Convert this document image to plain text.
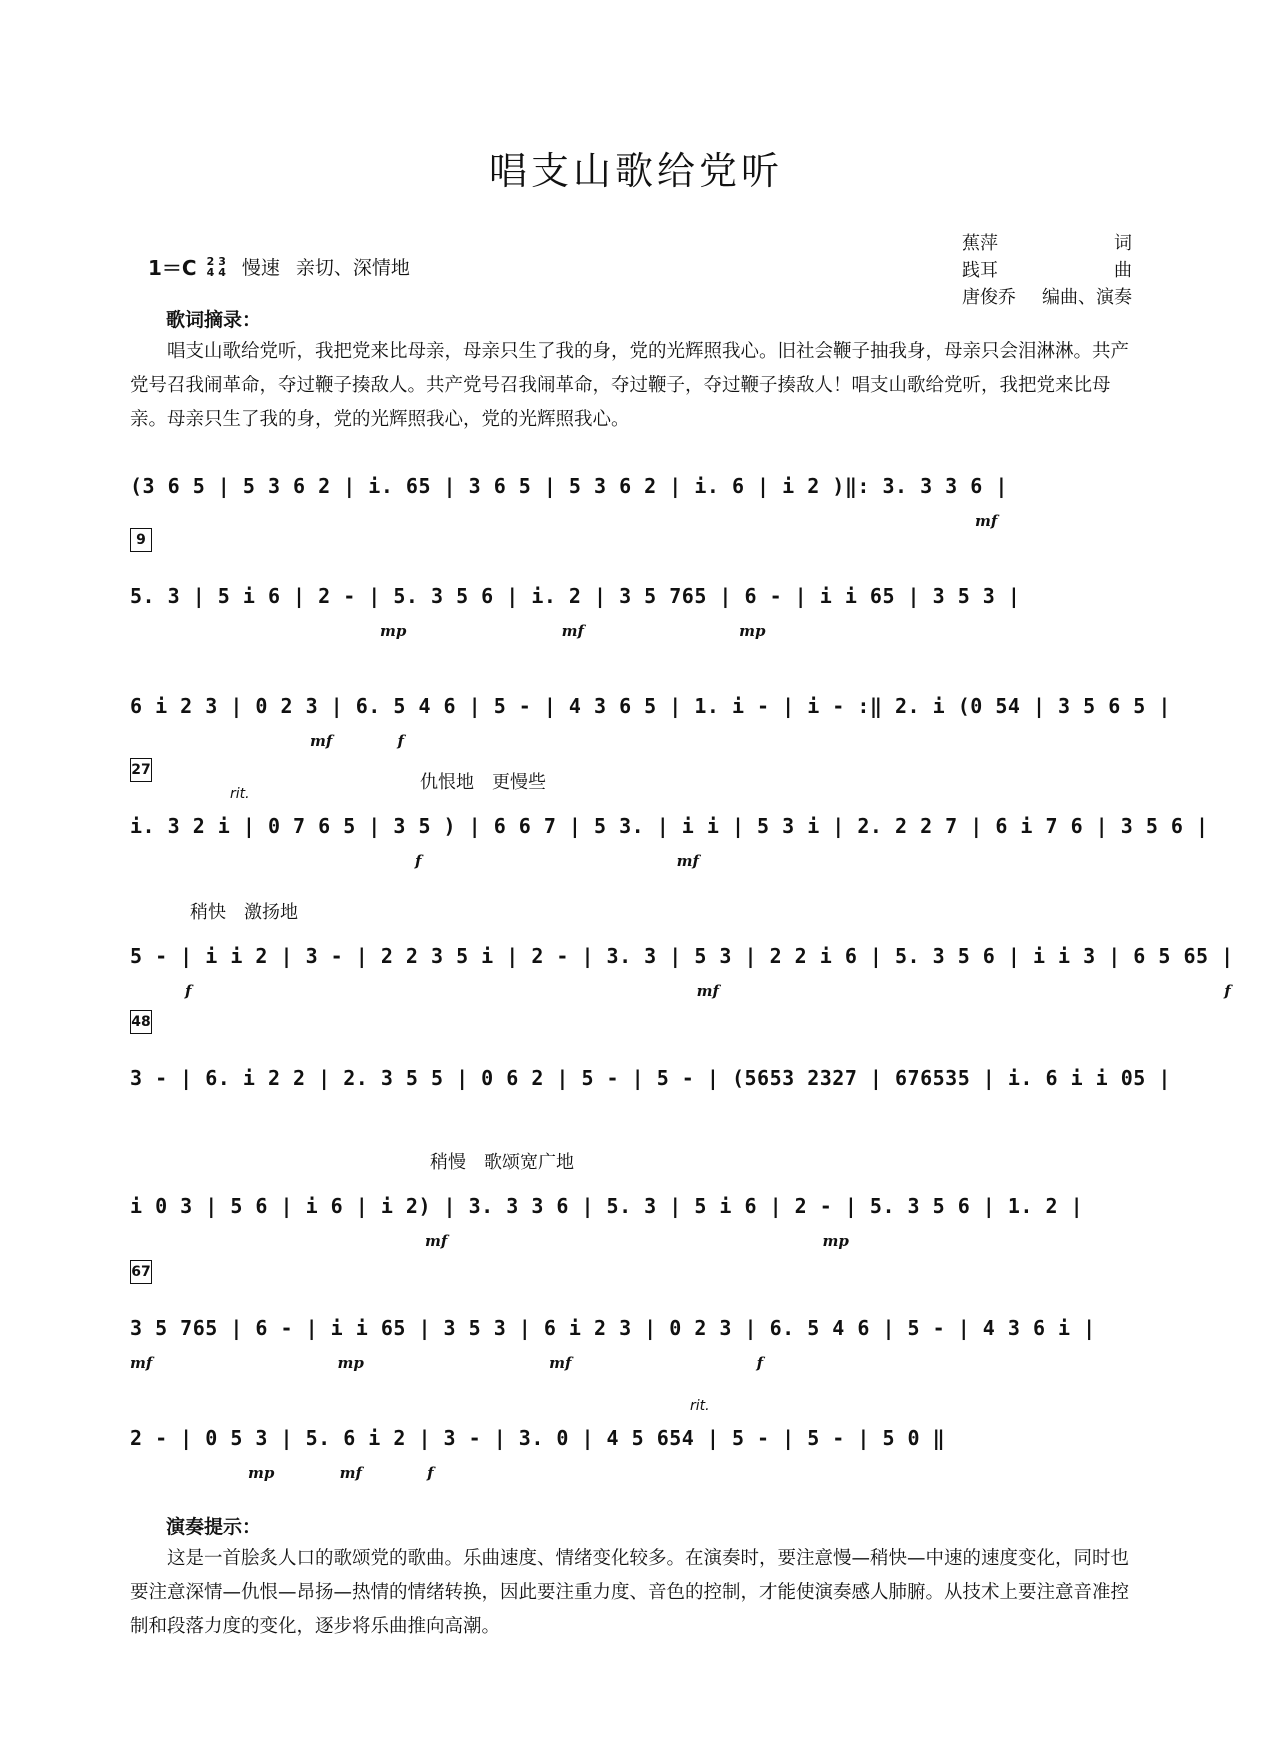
唱支山歌给党听
1＝C 2
4
3
4 慢速 亲切、深情地
蕉萍	词
践耳	曲
唐俊乔 编曲、演奏
歌词摘录：
唱支山歌给党听，我把党来比母亲，母亲只生了我的身，党的光辉照我心。旧社会鞭子抽我身，母亲只会泪淋淋。共产党号召我闹革命，夺过鞭子揍敌人。共产党号召我闹革命，夺过鞭子，夺过鞭子揍敌人！唱支山歌给党听，我把党来比母亲。母亲只生了我的身，党的光辉照我心，党的光辉照我心。
(3 6 5 | 5 3 6 2 | i. 65 | 3 6 5 | 5 3 6 2 | i. 6 | i 2 )‖: 3. 3 3 6 |
mf
9
5. 3 | 5 i 6 | 2 - | 5. 3 5 6 | i. 2 | 3 5 765 | 6 - | i i 65 | 3 5 3 |
mp mf mp
6 i 2 3 | 0 2 3 | 6. 5 4 6 | 5 - | 4 3 6 5 | 1. i - | i - :‖ 2. i (0 54 | 3 5 6 5 |
mf f
27
仇恨地　更慢些
rit.
i. 3 2 i | 0 7 6 5 | 3 5 ) | 6 6 7 | 5 3. | i i | 5 3 i | 2. 2 2 7 | 6 i 7 6 | 3 5 6 |
f mf
稍快　激扬地
5 - | i i 2 | 3 - | 2 2 3 5 i | 2 - | 3. 3 | 5 3 | 2 2 i 6 | 5. 3 5 6 | i i 3 | 6 5 65 |
f mf f
48
3 - | 6. i 2 2 | 2. 3 5 5 | 0 6 2 | 5 - | 5 - | (5653 2327 | 676535 | i. 6 i i 05 |
稍慢　歌颂宽广地
i 0 3 | 5 6 | i 6 | i 2) | 3. 3 3 6 | 5. 3 | 5 i 6 | 2 - | 5. 3 5 6 | 1. 2 |
mf mp
67
3 5 765 | 6 - | i i 65 | 3 5 3 | 6 i 2 3 | 0 2 3 | 6. 5 4 6 | 5 - | 4 3 6 i |
mf mp mf f
rit.
2 - | 0 5 3 | 5. 6 i 2 | 3 - | 3. 0 | 4 5 654 | 5 - | 5 - | 5 0 ‖
mp mf f
演奏提示：
这是一首脍炙人口的歌颂党的歌曲。乐曲速度、情绪变化较多。在演奏时，要注意慢—稍快—中速的速度变化，同时也要注意深情—仇恨—昂扬—热情的情绪转换，因此要注重力度、音色的控制，才能使演奏感人肺腑。从技术上要注意音准控制和段落力度的变化，逐步将乐曲推向高潮。
